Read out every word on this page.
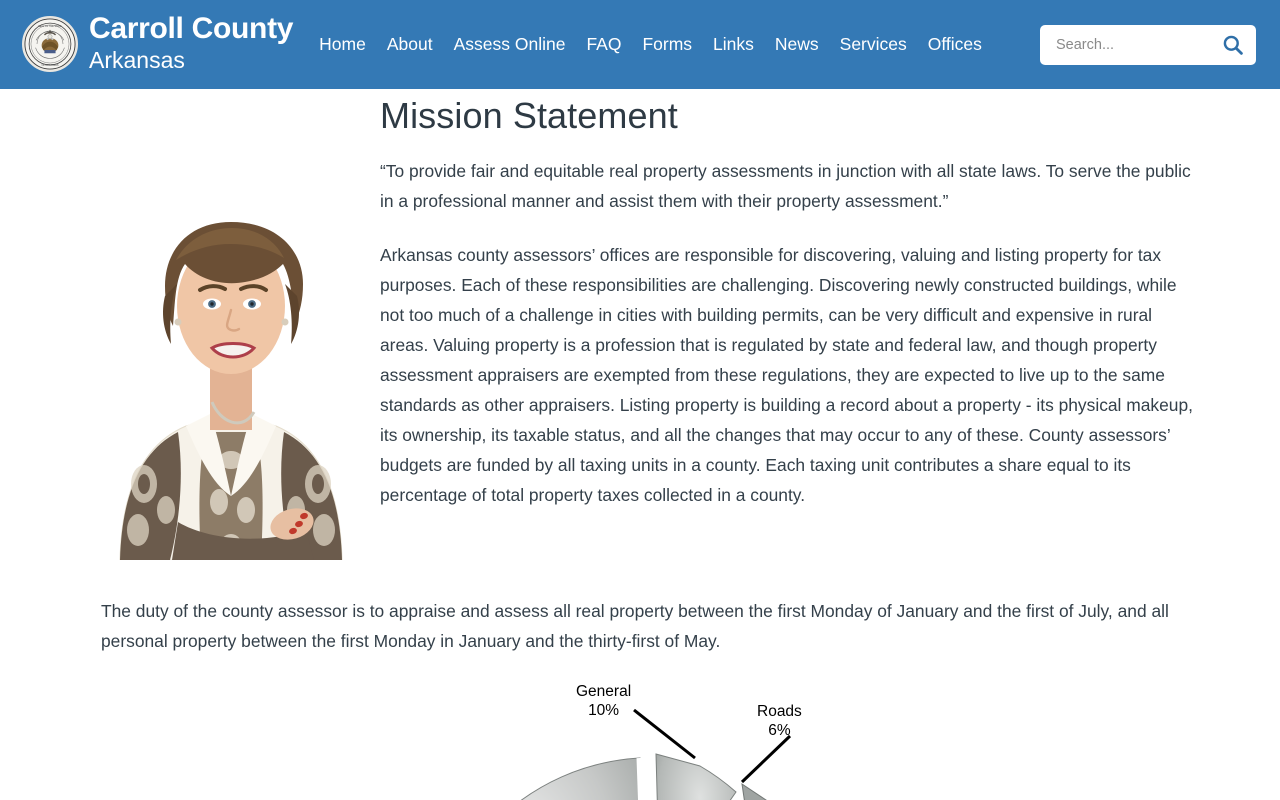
SEAL OF THE STATE
OF ARKANSAS
Carroll County
Arkansas
Home About Assess Online FAQ Forms Links News Services Offices
Search...
Mission Statement

“To provide fair and equitable real property assessments in junction with all state laws. To serve the public in a professional manner and assist them with their property assessment.”

Arkansas county assessors’ offices are responsible for discovering, valuing and listing property for tax purposes. Each of these responsibilities are challenging. Discovering newly constructed buildings, while not too much of a challenge in cities with building permits, can be very difficult and expensive in rural areas. Valuing property is a profession that is regulated by state and federal law, and though property assessment appraisers are exempted from these regulations, they are expected to live up to the same standards as other appraisers. Listing property is building a record about a property - its physical makeup, its ownership, its taxable status, and all the changes that may occur to any of these. County assessors’ budgets are funded by all taxing units in a county. Each taxing unit contributes a share equal to its percentage of total property taxes collected in a county.

The duty of the county assessor is to appraise and assess all real property between the first Monday of January and the first of July, and all personal property between the first Monday in January and the thirty-first of May.

General
10%	Roads
6%
